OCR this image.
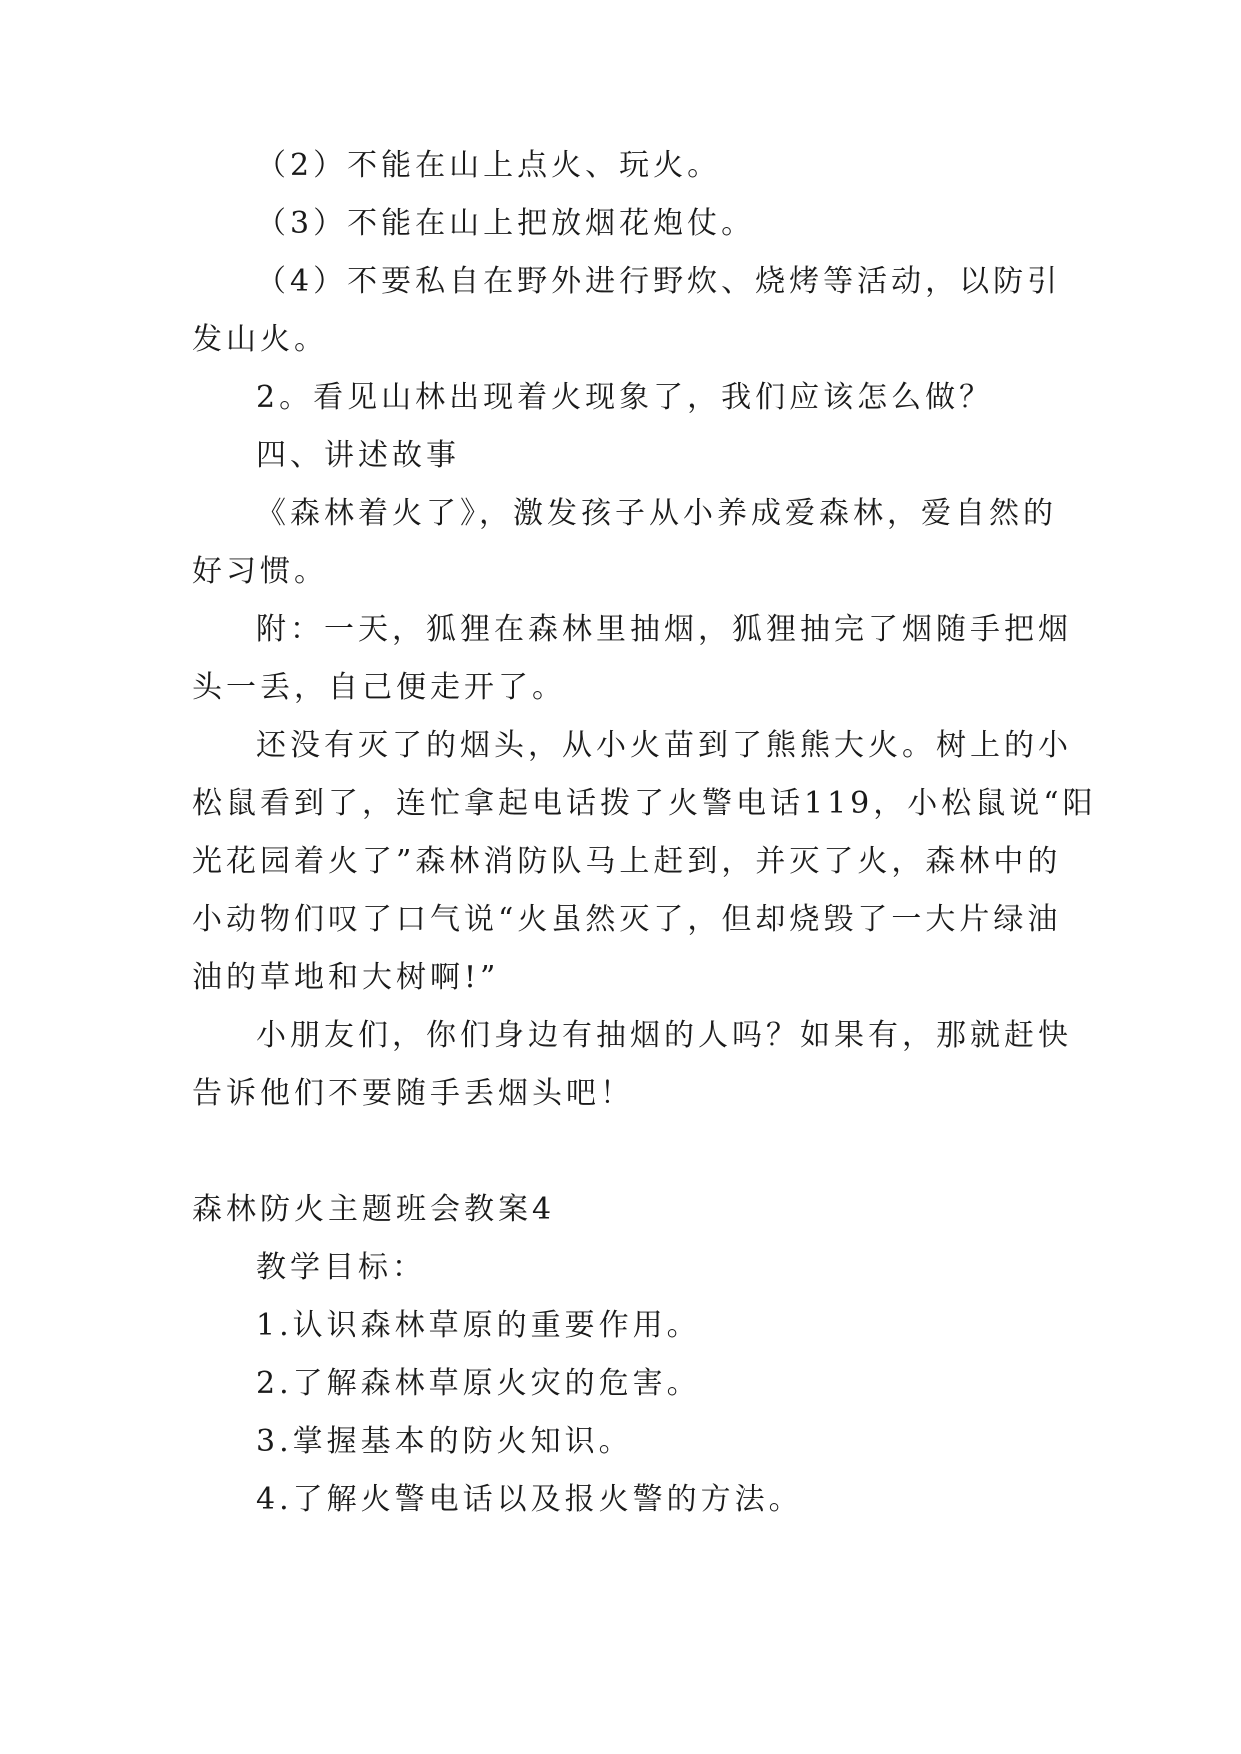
（2）不能在山上点火、玩火。

（3）不能在山上把放烟花炮仗。

（4）不要私自在野外进行野炊、烧烤等活动，以防引

发山火。

2。看见山林出现着火现象了，我们应该怎么做？

四、讲述故事

《森林着火了》，激发孩子从小养成爱森林，爱自然的

好习惯。

附：一天，狐狸在森林里抽烟，狐狸抽完了烟随手把烟

头一丢，自己便走开了。

还没有灭了的烟头，从小火苗到了熊熊大火。树上的小

松鼠看到了，连忙拿起电话拨了火警电话119，小松鼠说“阳
光花园着火了”森林消防队马上赶到，并灭了火，森林中的
小动物们叹了口气说“火虽然灭了，但却烧毁了一大片绿油
油的草地和大树啊!”

小朋友们，你们身边有抽烟的人吗？如果有，那就赶快

告诉他们不要随手丢烟头吧！

森林防火主题班会教案4

教学目标：

1.认识森林草原的重要作用。

2.了解森林草原火灾的危害。

3.掌握基本的防火知识。

4.了解火警电话以及报火警的方法。
